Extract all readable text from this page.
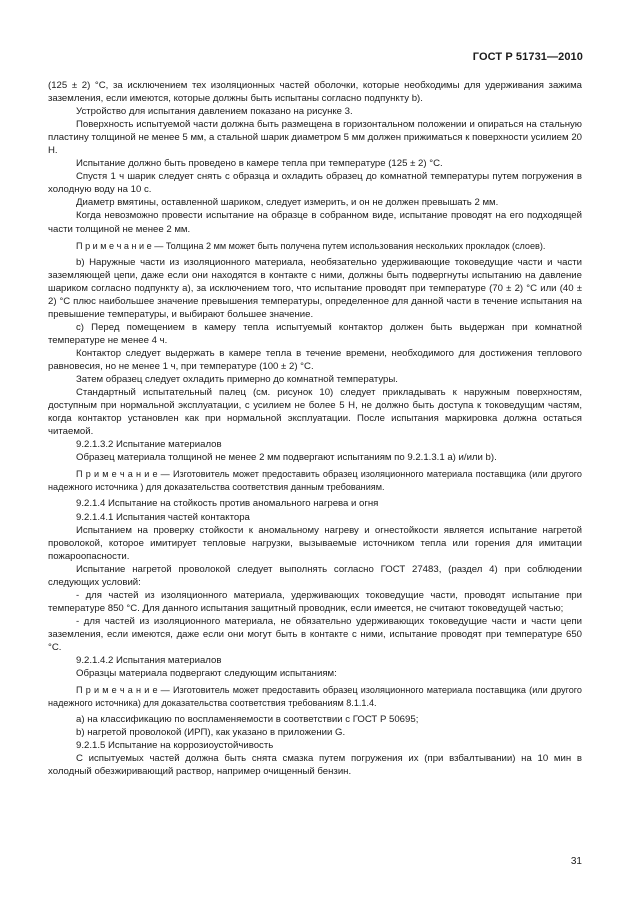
ГОСТ Р 51731—2010

(125 ± 2) °C, за исключением тех изоляционных частей оболочки, которые необходимы для удерживания зажима заземления, если имеются, которые должны быть испытаны согласно подпункту b).

Устройство для испытания давлением показано на рисунке 3.

Поверхность испытуемой части должна быть размещена в горизонтальном положении и опираться на стальную пластину толщиной не менее 5 мм, а стальной шарик диаметром 5 мм должен прижиматься к поверхности усилием 20 Н.

Испытание должно быть проведено в камере тепла при температуре (125 ± 2) °C.

Спустя 1 ч шарик следует снять с образца и охладить образец до комнатной температуры путем погружения в холодную воду на 10 с.

Диаметр вмятины, оставленной шариком, следует измерить, и он не должен превышать 2 мм.

Когда невозможно провести испытание на образце в собранном виде, испытание проводят на его подходящей части толщиной не менее 2 мм.

П р и м е ч а н и е — Толщина 2 мм может быть получена путем использования нескольких прокладок (слоев).

b) Наружные части из изоляционного материала, необязательно удерживающие токоведущие части и части заземляющей цепи, даже если они находятся в контакте с ними, должны быть подвергнуты испытанию на давление шариком согласно подпункту а), за исключением того, что испытание проводят при температуре (70 ± 2) °C или (40 ± 2) °C плюс наибольшее значение превышения температуры, определенное для данной части в течение испытания на превышение температуры, и выбирают большее значение.

с) Перед помещением в камеру тепла испытуемый контактор должен быть выдержан при комнатной температуре не менее 4 ч.

Контактор следует выдержать в камере тепла в течение времени, необходимого для достижения теплового равновесия, но не менее 1 ч, при температуре (100 ± 2) °C.

Затем образец следует охладить примерно до комнатной температуры.

Стандартный испытательный палец (см. рисунок 10) следует прикладывать к наружным поверхностям, доступным при нормальной эксплуатации, с усилием не более 5 Н, не должно быть доступа к токоведущим частям, когда контактор установлен как при нормальной эксплуатации. После испытания маркировка должна остаться читаемой.

9.2.1.3.2 Испытание материалов

Образец материала толщиной не менее 2 мм подвергают испытаниям по 9.2.1.3.1 а) и/или b).

П р и м е ч а н и е — Изготовитель может предоставить образец изоляционного материала поставщика (или другого надежного источника ) для доказательства соответствия данным требованиям.

9.2.1.4 Испытание на стойкость против аномального нагрева и огня

9.2.1.4.1 Испытания частей контактора

Испытанием на проверку стойкости к аномальному нагреву и огнестойкости является испытание нагретой проволокой, которое имитирует тепловые нагрузки, вызываемые источником тепла или горения для имитации пожароопасности.

Испытание нагретой проволокой следует выполнять согласно ГОСТ 27483, (раздел 4) при соблюдении следующих условий:

- для частей из изоляционного материала, удерживающих токоведущие части, проводят испытание при температуре 850 °C. Для данного испытания защитный проводник, если имеется, не считают токоведущей частью;

- для частей из изоляционного материала, не обязательно удерживающих токоведущие части и части цепи заземления, если имеются, даже если они могут быть в контакте с ними, испытание проводят при температуре 650 °C.

9.2.1.4.2 Испытания материалов

Образцы материала подвергают следующим испытаниям:

П р и м е ч а н и е — Изготовитель может предоставить образец изоляционного материала поставщика (или другого надежного источника) для доказательства соответствия требованиям 8.1.1.4.

а) на классификацию по воспламеняемости в соответствии с ГОСТ Р 50695;

b) нагретой проволокой (ИРП), как указано в приложении G.

9.2.1.5 Испытание на коррозиоустойчивость

С испытуемых частей должна быть снята смазка путем погружения их (при взбалтывании) на 10 мин в холодный обезжиривающий раствор, например очищенный бензин.

31
